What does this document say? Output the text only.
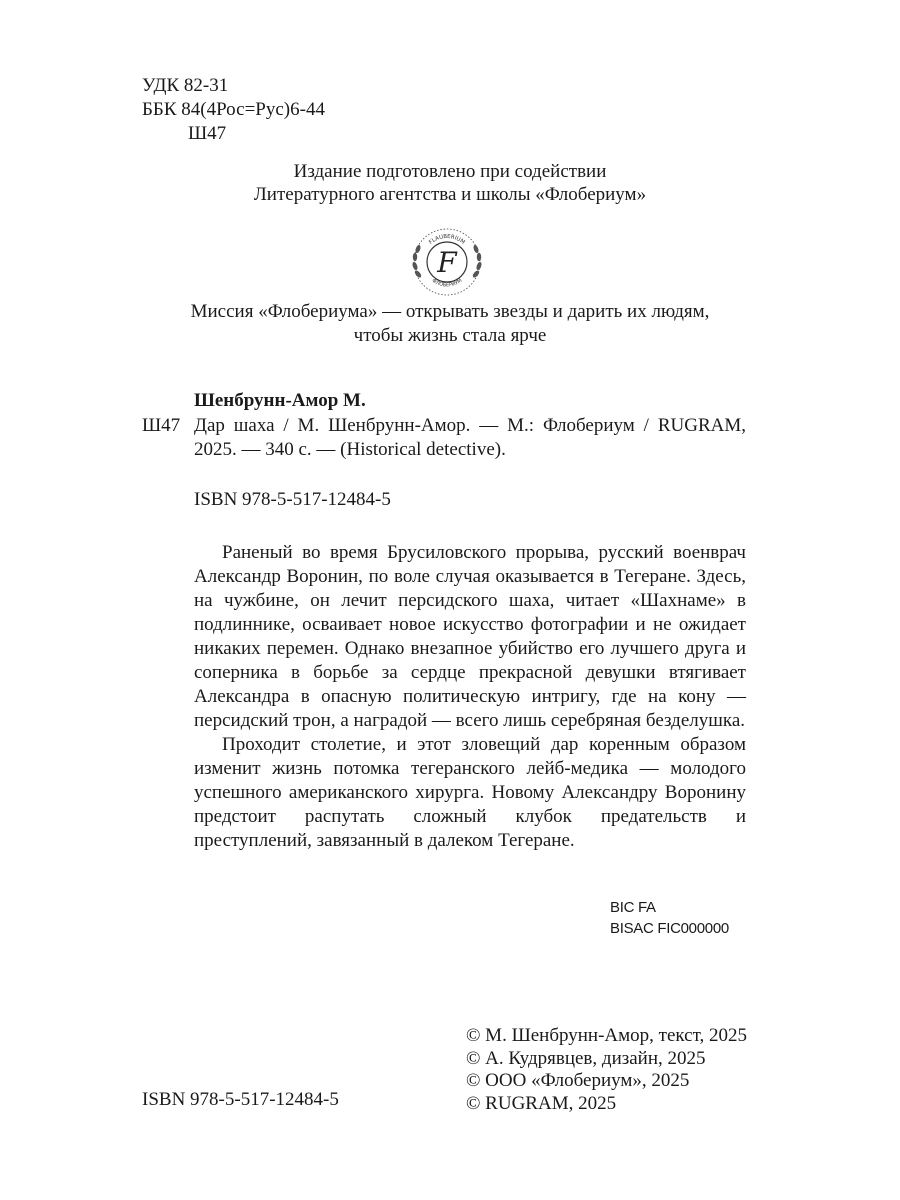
УДК 82-31
ББК 84(4Рос=Рус)6-44
Ш47
Издание подготовлено при содействии
Литературного агентства и школы «Флобериум»
FLAUBERIUM
ФЛОБЕРИУМ
F
Миссия «Флобериума» — открывать звезды и дарить их людям,
чтобы жизнь стала ярче
Шенбрунн-Амор М.
Ш47 Дар шаха / М. Шенбрунн-Амор. — М.: Флобериум / RUGRAM, 2025. — 340 с. — (Historical detective).
ISBN 978-5-517-12484-5

Раненый во время Брусиловского прорыва, русский военврач Александр Воронин, по воле случая оказывается в Тегеране. Здесь, на чужбине, он лечит персидского шаха, читает «Шахнаме» в подлиннике, осваивает новое искусство фотографии и не ожидает никаких перемен. Однако внезапное убийство его лучшего друга и соперника в борьбе за сердце прекрасной девушки втягивает Александра в опасную политическую интригу, где на кону — персидский трон, а наградой — всего лишь серебряная безделушка.

Проходит столетие, и этот зловещий дар коренным образом изменит жизнь потомка тегеранского лейб-медика — молодого успешного американского хирурга. Новому Александру Воронину предстоит распутать сложный клубок предательств и преступлений, завязанный в далеком Тегеране.

BIC FA
BISAC FIC000000
© М. Шенбрунн-Амор, текст, 2025
© А. Кудрявцев, дизайн, 2025
© ООО «Флобериум», 2025
© RUGRAM, 2025
ISBN 978-5-517-12484-5
